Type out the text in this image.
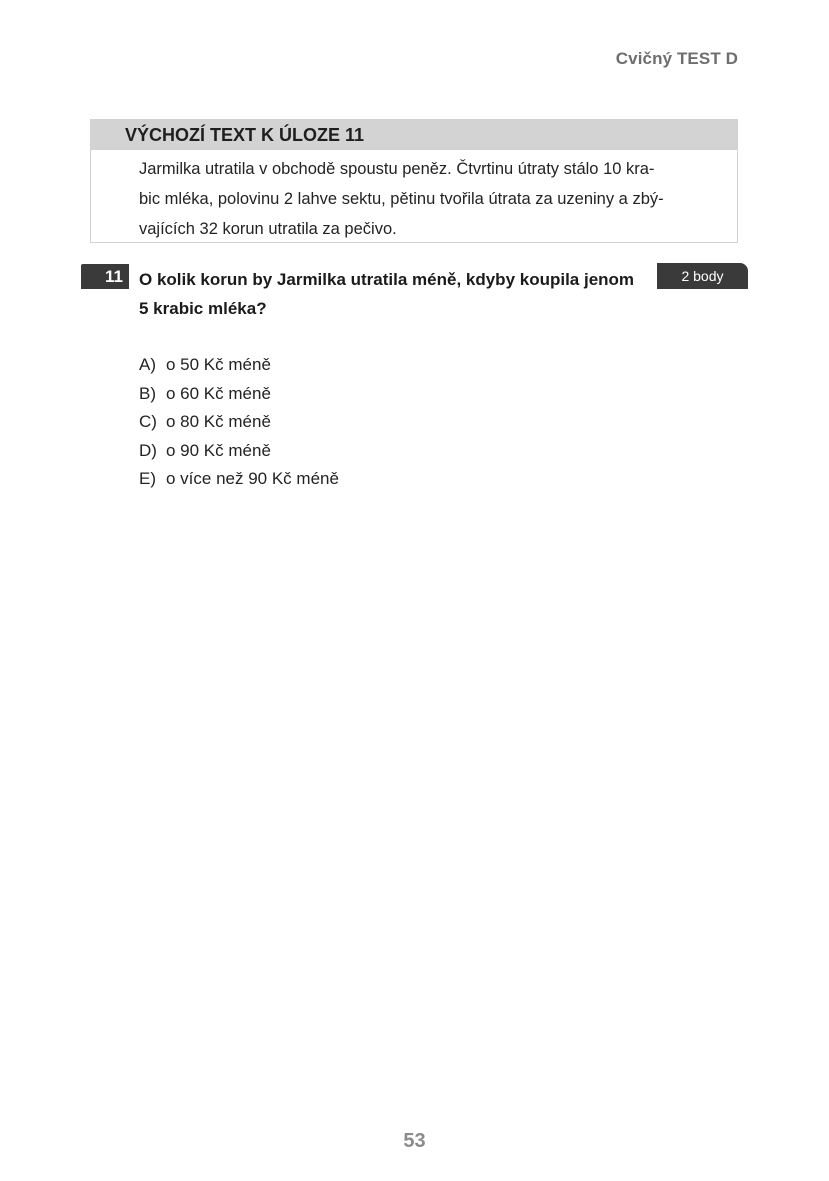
Cvičný TEST D
VÝCHOZÍ TEXT K ÚLOZE 11
Jarmilka utratila v obchodě spoustu peněz. Čtvrtinu útraty stálo 10 kra-
bic mléka, polovinu 2 lahve sektu, pětinu tvořila útrata za uzeniny a zbý-
vajících 32 korun utratila za pečivo.
11	2 body
O kolik korun by Jarmilka utratila méně, kdyby koupila jenom
5 krabic mléka?
A) o 50 Kč méně
B) o 60 Kč méně
C) o 80 Kč méně
D) o 90 Kč méně
E) o více než 90 Kč méně
53
